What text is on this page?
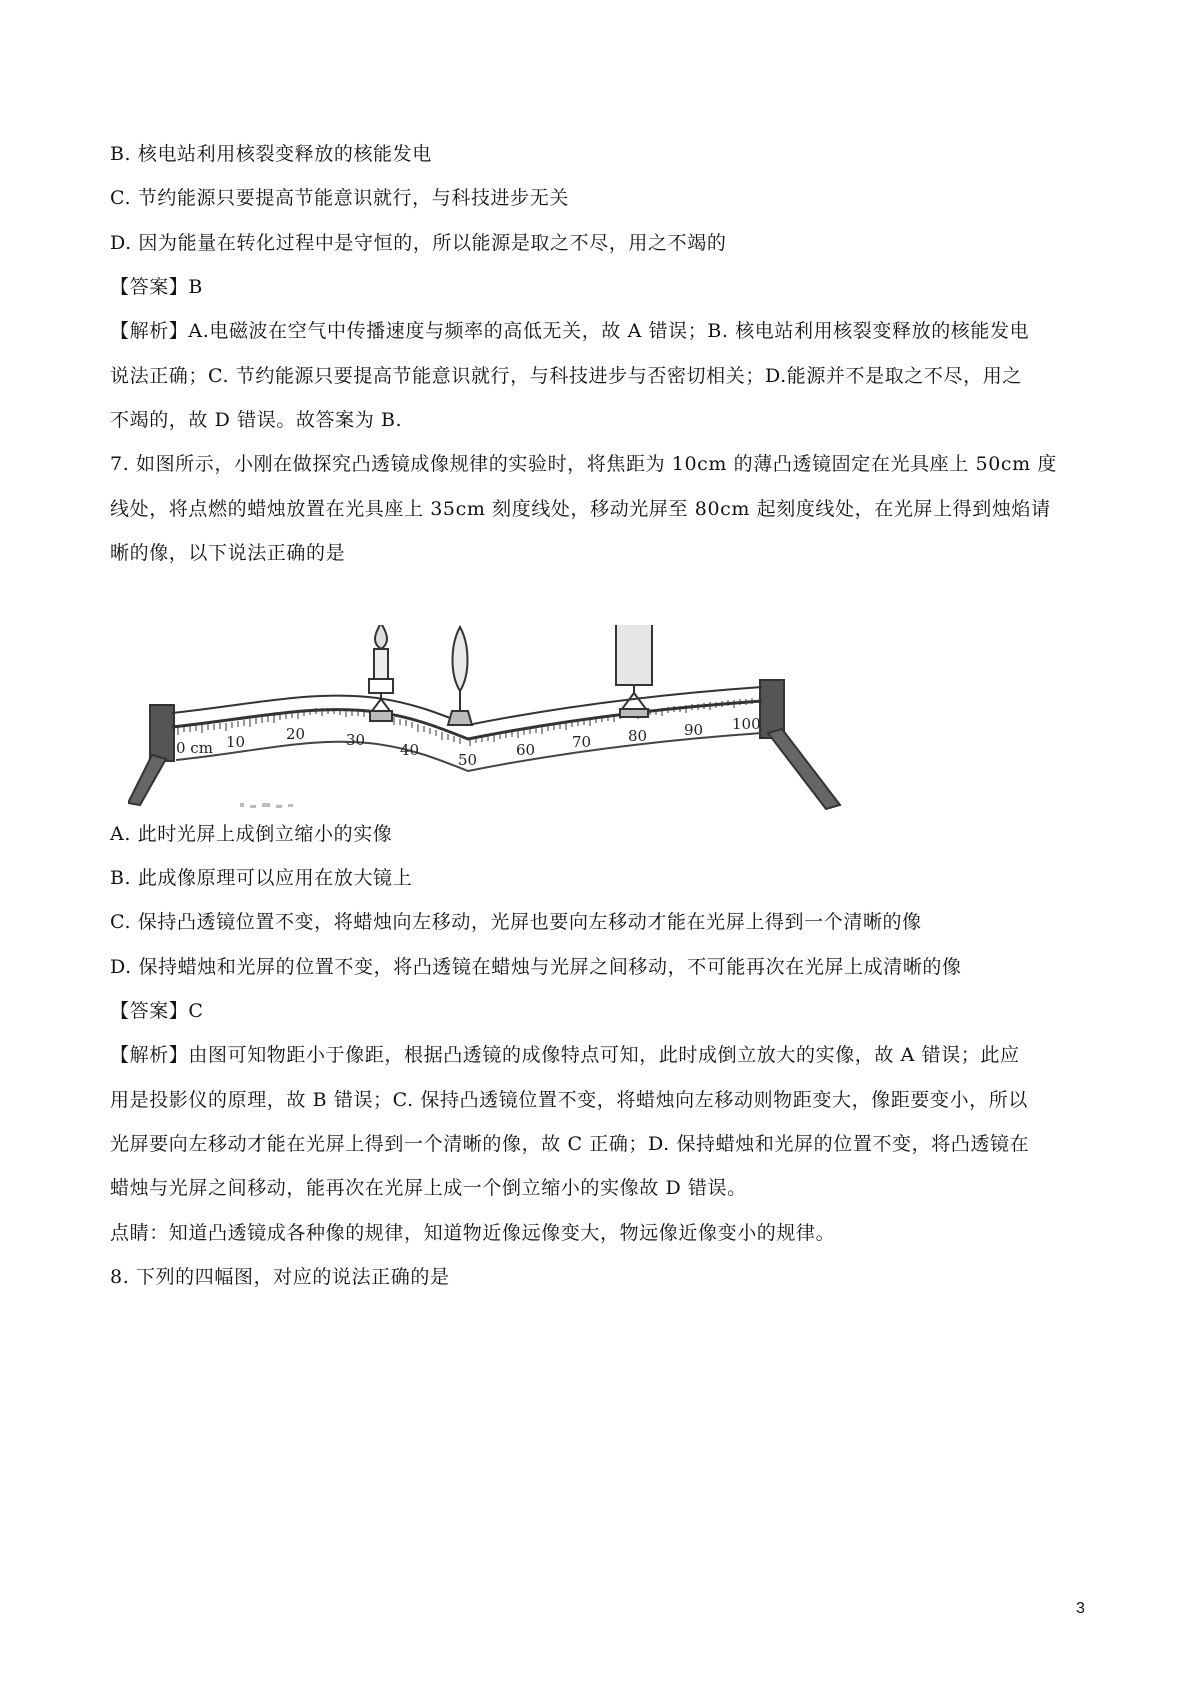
B. 核电站利用核裂变释放的核能发电
C. 节约能源只要提高节能意识就行，与科技进步无关
D. 因为能量在转化过程中是守恒的，所以能源是取之不尽，用之不竭的
【答案】B
【解析】A.电磁波在空气中传播速度与频率的高低无关，故 A 错误；B. 核电站利用核裂变释放的核能发电
说法正确；C. 节约能源只要提高节能意识就行，与科技进步与否密切相关；D.能源并不是取之不尽，用之
不竭的，故 D 错误。故答案为 B.
7. 如图所示，小刚在做探究凸透镜成像规律的实验时，将焦距为 10cm 的薄凸透镜固定在光具座上 50cm 度
线处，将点燃的蜡烛放置在光具座上 35cm 刻度线处，移动光屏至 80cm 起刻度线处，在光屏上得到烛焰请
晰的像，以下说法正确的是
0 cm 10	20	30
40
50
60 70 80 90 100
A. 此时光屏上成倒立缩小的实像
B. 此成像原理可以应用在放大镜上
C. 保持凸透镜位置不变，将蜡烛向左移动，光屏也要向左移动才能在光屏上得到一个清晰的像
D. 保持蜡烛和光屏的位置不变，将凸透镜在蜡烛与光屏之间移动，不可能再次在光屏上成清晰的像
【答案】C
【解析】由图可知物距小于像距，根据凸透镜的成像特点可知，此时成倒立放大的实像，故 A 错误；此应
用是投影仪的原理，故 B 错误；C. 保持凸透镜位置不变，将蜡烛向左移动则物距变大，像距要变小，所以
光屏要向左移动才能在光屏上得到一个清晰的像，故 C 正确；D. 保持蜡烛和光屏的位置不变，将凸透镜在
蜡烛与光屏之间移动，能再次在光屏上成一个倒立缩小的实像故 D 错误。
点睛：知道凸透镜成各种像的规律，知道物近像远像变大，物远像近像变小的规律。
8. 下列的四幅图，对应的说法正确的是
3
